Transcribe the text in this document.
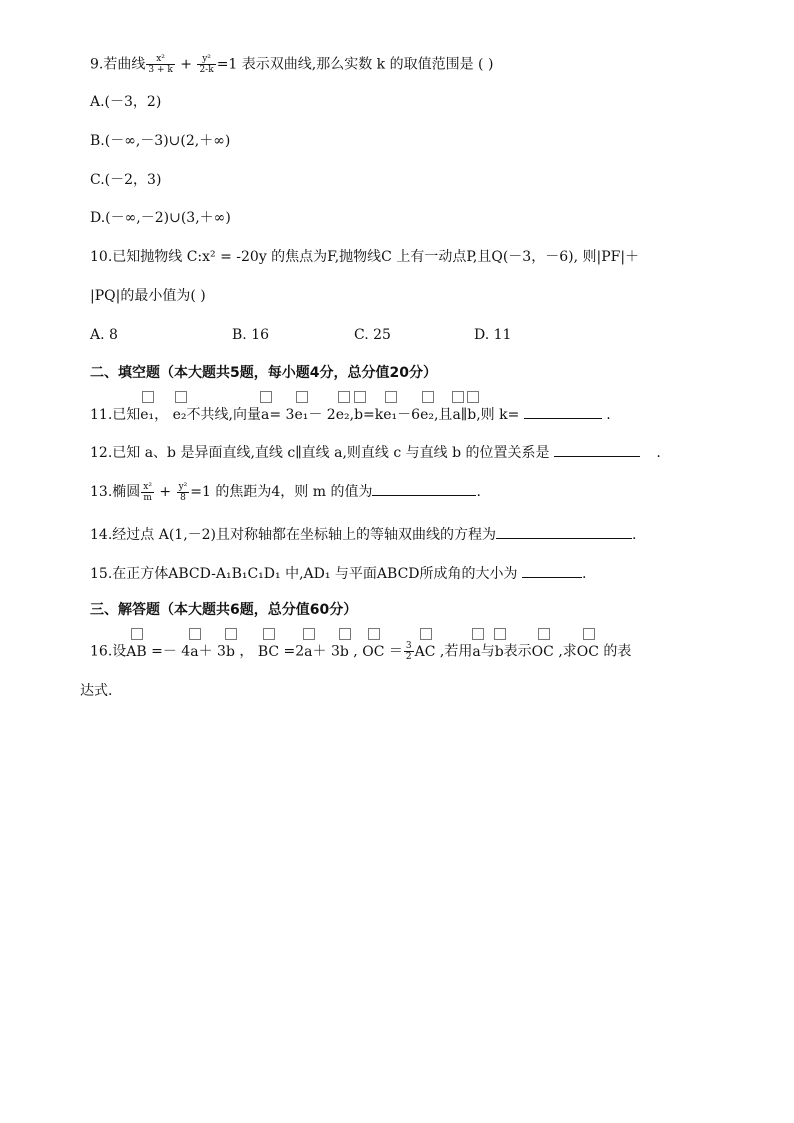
9.若曲线 $\frac{\text{x²}}{3 + k} + \frac{\text{y²}}{2-k} =1$ 表示双曲线,那么实数 k 的取值范围是 ( )
A.(－3，2)
B.(－∞,－3)∪(2,＋∞)
C.(－2，3)
D.(－∞,－2)∪(3,＋∞)
10.已知抛物线 C:x² = -20y 的焦点为F,抛物线C 上有一动点P,且Q(－3，－6), 则|PF|＋
|PQ|的最小值为( )
A. 8	B. 16	C. 25	D. 11
二、填空题（本大题共5题，每小题4分，总分值20分）
11.已知e₁， e₂不共线,向量a= 3e₁－ 2e₂,b=ke₁－6e₂,且a∥b,则 k=	.
12.已知 a、b 是异面直线,直线 c∥直线 a,则直线 c 与直线 b 的位置关系是	.
13.椭圆 $\frac{\text{x²}}{m} + \frac{\text{y²}}{8} =1$ 的焦距为4，则 m 的值为	.
14.经过点 A(1,－2)且对称轴都在坐标轴上的等轴双曲线的方程为	.
15.在正方体ABCD-A₁B₁C₁D₁ 中,AD₁ 与平面ABCD所成角的大小为	.
三、解答题（本大题共6题，总分值60分）
16.设AB =－ 4a＋ 3b ， BC =2a＋ 3b , OC ＝ $\frac{3}{2}$ AC ,若用a与b表示OC ,求OC 的表
达式.
